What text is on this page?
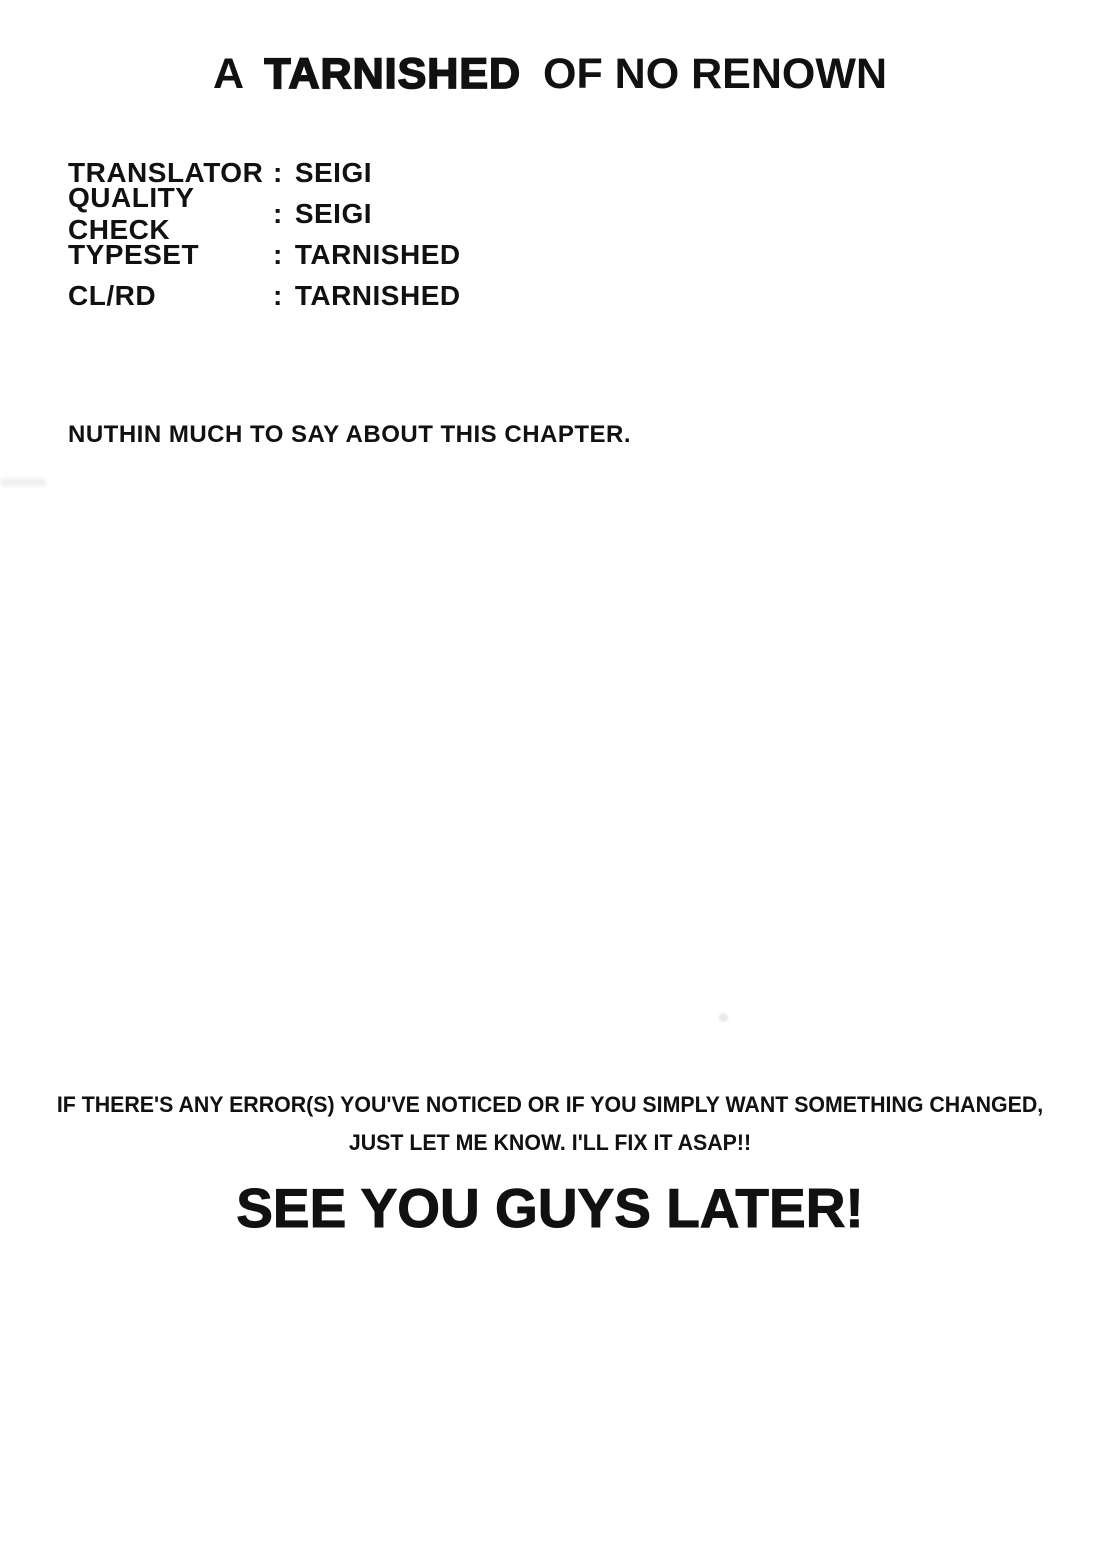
A TARNISHED OF NO RENOWN
TRANSLATOR : SEIGI
QUALITY CHECK
: SEIGI
TYPESET	: TARNISHED
CL/RD	: TARNISHED
NUTHIN MUCH TO SAY ABOUT THIS CHAPTER.
IF THERE'S ANY ERROR(S) YOU'VE NOTICED OR IF YOU SIMPLY WANT SOMETHING CHANGED,
JUST LET ME KNOW. I'LL FIX IT ASAP!!
SEE YOU GUYS LATER!
